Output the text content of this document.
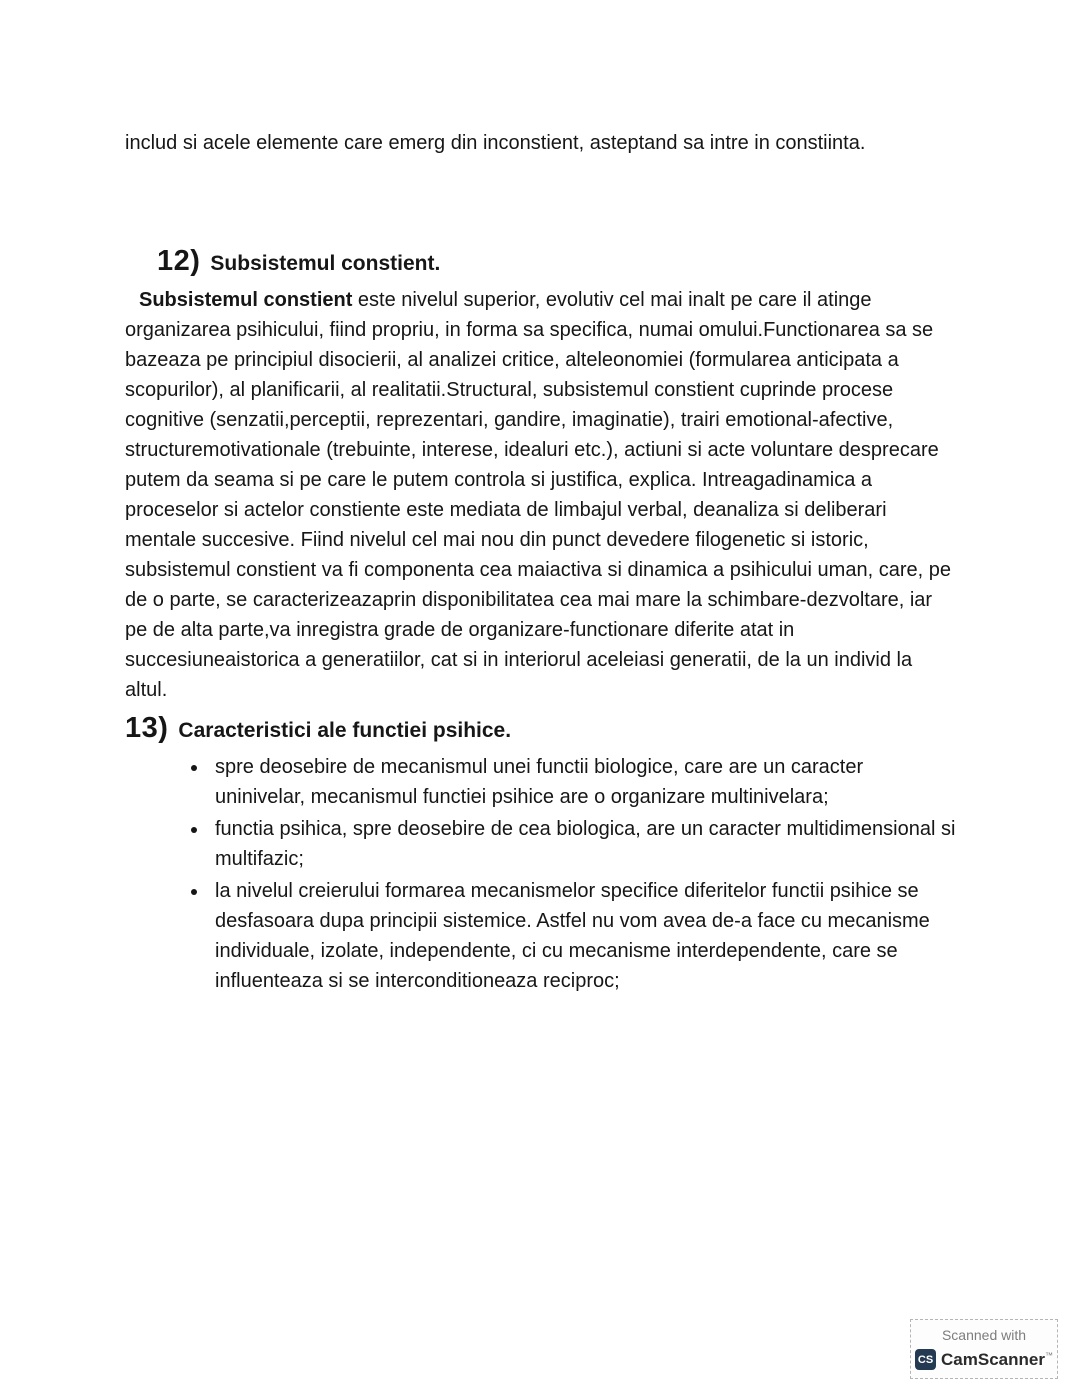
includ si acele elemente care emerg din inconstient, asteptand sa intre in constiinta.

12) Subsistemul constient.

Subsistemul constient este nivelul superior, evolutiv cel mai inalt pe care il atinge organizarea psihicului, fiind propriu, in forma sa specifica, numai omului.Functionarea sa se bazeaza pe principiul disocierii, al analizei critice, alteleonomiei (formularea anticipata a scopurilor), al planificarii, al realitatii.Structural, subsistemul constient cuprinde procese cognitive (senzatii,perceptii, reprezentari, gandire, imaginatie), trairi emotional-afective, structuremotivationale (trebuinte, interese, idealuri etc.), actiuni si acte voluntare desprecare putem da seama si pe care le putem controla si justifica, explica. Intreagadinamica a proceselor si actelor constiente este mediata de limbajul verbal, deanaliza si deliberari mentale succesive. Fiind nivelul cel mai nou din punct devedere filogenetic si istoric, subsistemul constient va fi componenta cea maiactiva si dinamica a psihicului uman, care, pe de o parte, se caracterizeazaprin disponibilitatea cea mai mare la schimbare-dezvoltare, iar pe de alta parte,va inregistra grade de organizare-functionare diferite atat in succesiuneaistorica a generatiilor, cat si in interiorul aceleiasi generatii, de la un individ la altul.

13) Caracteristici ale functiei psihice.
• spre deosebire de mecanismul unei functii biologice, care are un caracter uninivelar, mecanismul functiei psihice are o organizare multinivelara;
• functia psihica, spre deosebire de cea biologica, are un caracter multidimensional si multifazic;
• la nivelul creierului formarea mecanismelor specifice diferitelor functii psihice se desfasoara dupa principii sistemice. Astfel nu vom avea de-a face cu mecanisme individuale, izolate, independente, ci cu mecanisme interdependente, care se influenteaza si se interconditioneaza reciproc;
Scanned with
CS CamScanner ™
